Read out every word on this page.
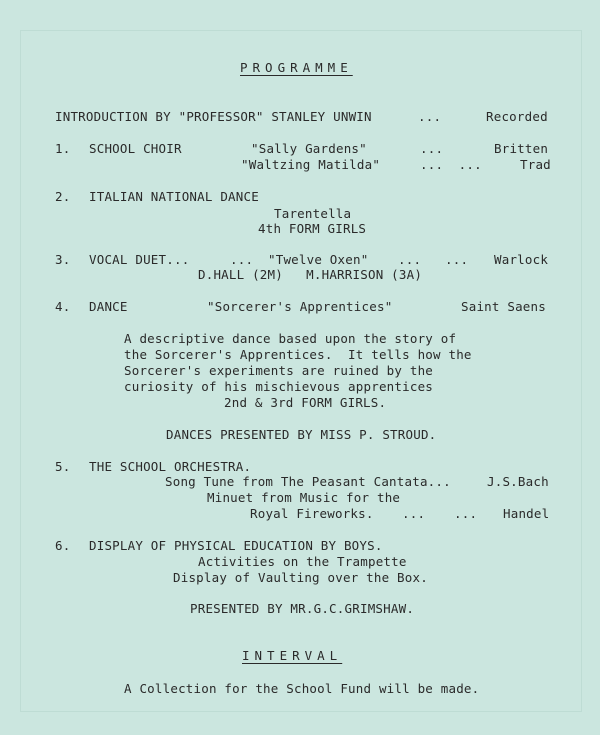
PROGRAMME
INTRODUCTION BY "PROFESSOR" STANLEY UNWIN	...	Recorded
1. SCHOOL CHOIR	"Sally Gardens"	...	Britten
"Waltzing Matilda"	...  ...	Trad
2. ITALIAN NATIONAL DANCE
Tarentella
4th FORM GIRLS
3. VOCAL DUET...	... "Twelve Oxen" ... ... Warlock
D.HALL (2M)   M.HARRISON (3A)
4. DANCE	"Sorcerer's Apprentices"	Saint Saens
A descriptive dance based upon the story of
the Sorcerer's Apprentices.  It tells how the
Sorcerer's experiments are ruined by the
curiosity of his mischievous apprentices
2nd & 3rd FORM GIRLS.
DANCES PRESENTED BY MISS P. STROUD.
5. THE SCHOOL ORCHESTRA.
Song Tune from The Peasant Cantata...	J.S.Bach
Minuet from Music for the
Royal Fireworks. ... ... Handel
6. DISPLAY OF PHYSICAL EDUCATION BY BOYS.
Activities on the Trampette
Display of Vaulting over the Box.
PRESENTED BY MR.G.C.GRIMSHAW.
INTERVAL
A Collection for the School Fund will be made.
